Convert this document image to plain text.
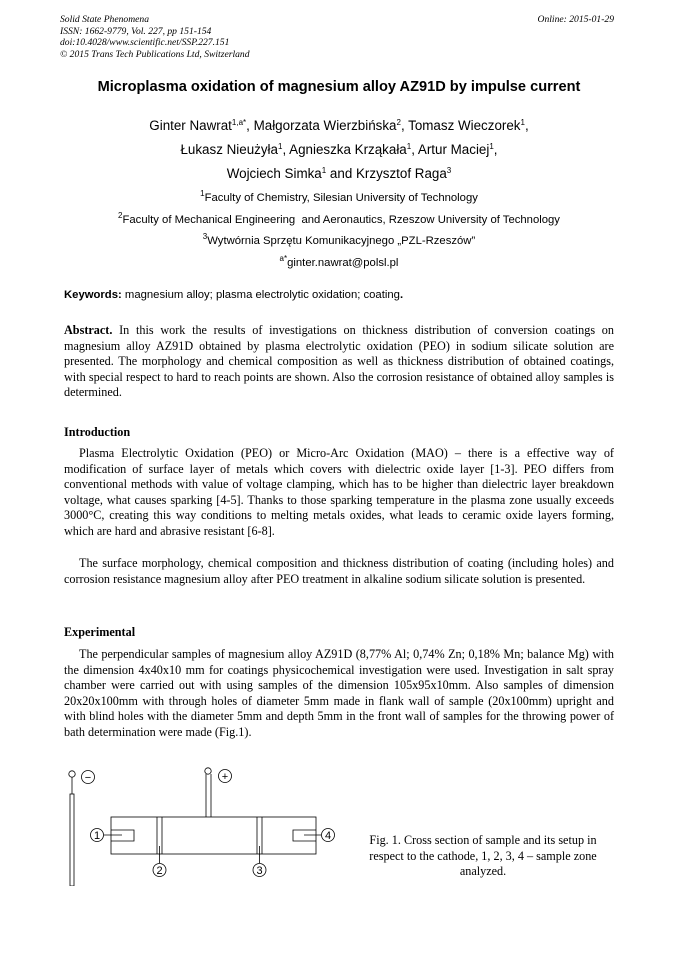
Solid State Phenomena
ISSN: 1662-9779, Vol. 227, pp 151-154
doi:10.4028/www.scientific.net/SSP.227.151
© 2015 Trans Tech Publications Ltd, Switzerland
Online: 2015-01-29
Microplasma oxidation of magnesium alloy AZ91D by impulse current
Ginter Nawrat$^{1,a*}$, Małgorzata Wierzbińska$^2$, Tomasz Wieczorek$^1$,
Łukasz Nieużyła$^1$, Agnieszka Krząkała$^1$, Artur Maciej$^1$,
Wojciech Simka$^1$ and Krzysztof Raga$^3$
$^1$Faculty of Chemistry, Silesian University of Technology
$^2$Faculty of Mechanical Engineering  and Aeronautics, Rzeszow University of Technology
$^3$Wytwórnia Sprzętu Komunikacyjnego „PZL-Rzeszów”
$^{a*}$ginter.nawrat@polsl.pl
Keywords: magnesium alloy; plasma electrolytic oxidation; coating.
Abstract. In this work the results of investigations on thickness distribution of conversion coatings on magnesium alloy AZ91D obtained by plasma electrolytic oxidation (PEO) in sodium silicate solution are presented. The morphology and chemical composition as well as thickness distribution of obtained coatings, with special respect to hard to reach points are shown. Also the corrosion resistance of obtained alloy samples is determined.
Introduction
Plasma Electrolytic Oxidation (PEO) or Micro-Arc Oxidation (MAO) – there is a effective way of modification of surface layer of metals which covers with dielectric oxide layer [1-3]. PEO differs from conventional methods with value of voltage clamping, which has to be higher than dielectric layer breakdown voltage, what causes sparking [4-5]. Thanks to those sparking temperature in the plasma zone usually exceeds 3000°C, creating this way conditions to melting metals oxides, what leads to ceramic oxide layers forming, which are hard and abrasive resistant [6-8].
The surface morphology, chemical composition and thickness distribution of coating (including holes) and corrosion resistance magnesium alloy after PEO treatment in alkaline sodium silicate solution is presented.
Experimental
The perpendicular samples of magnesium alloy AZ91D (8,77% Al; 0,74% Zn; 0,18% Mn; balance Mg) with the dimension 4x40x10 mm for coatings physicochemical investigation were used. Investigation in salt spray chamber were carried out with using samples of the dimension 105x95x10mm. Also samples of dimension 20x20x100mm with through holes of diameter 5mm made in flank wall of sample (20x100mm) upright and with blind holes with the diameter 5mm and depth 5mm in the front wall of samples for the throwing power of bath determination were made (Fig.1).
−	+
1
2	3
4	Fig. 1. Cross section of sample and its setup in respect to the cathode, 1, 2, 3, 4 – sample zone analyzed.
